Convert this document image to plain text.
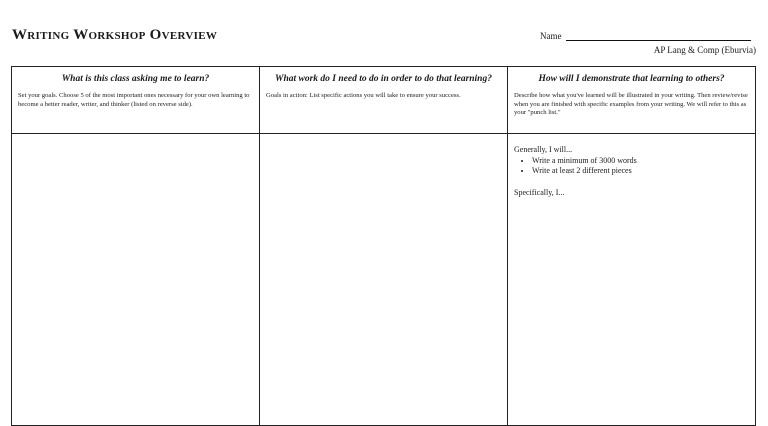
Writing Workshop Overview	Name
AP Lang & Comp (Eburvia)
What is this class asking me to learn?

Set your goals. Choose 5 of the most important ones necessary for your own learning to become a better reader, writer, and thinker (listed on reverse side).

What work do I need to do in order to do that learning?

Goals in action: List specific actions you will take to ensure your success.

How will I demonstrate that learning to others?

Describe how what you've learned will be illustrated in your writing. Then review/revise when you are finished with specific examples from your writing. We will refer to this as your "punch list."

Generally, I will...

• Write a minimum of 3000 words
• Write at least 2 different pieces

Specifically, I...
